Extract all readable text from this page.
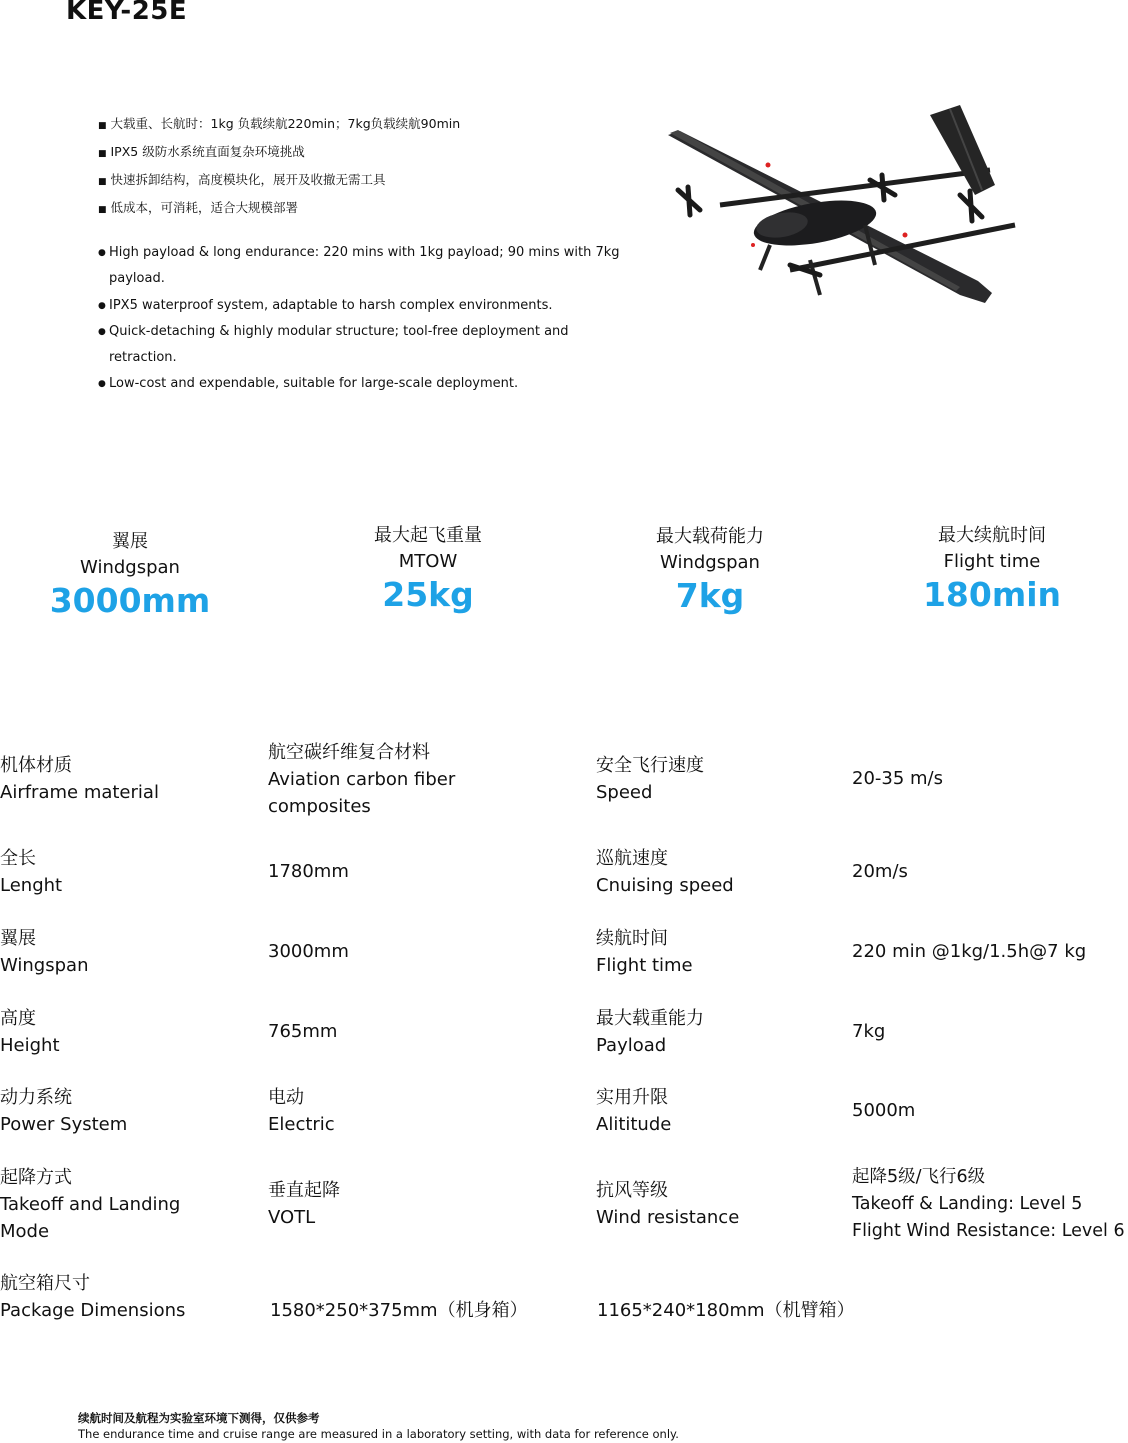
KEY-25E
■ 大载重、长航时：1kg 负载续航220min；7kg负载续航90min
■ IPX5 级防水系统直面复杂环境挑战
■ 快速拆卸结构，高度模块化，展开及收撤无需工具
■ 低成本，可消耗，适合大规模部署
● High payload & long endurance: 220 mins with 1kg payload; 90 mins with 7kg payload.
● IPX5 waterproof system, adaptable to harsh complex environments.
● Quick-detaching & highly modular structure; tool-free deployment and retraction.
● Low-cost and expendable, suitable for large-scale deployment.
翼展
Windgspan
3000mm
最大起飞重量
MTOW
25kg
最大载荷能力
Windgspan
7kg
最大续航时间
Flight time
180min
机体材质
Airframe material
航空碳纤维复合材料
Aviation carbon fiber
composites
安全飞行速度
Speed
20-35 m/s
全长
Lenght
1780mm
巡航速度
Cnuising speed
20m/s
翼展
Wingspan
3000mm
续航时间
Flight time
220 min @1kg/1.5h@7 kg
高度
Height
765mm
最大载重能力
Payload
7kg
动力系统
Power System
电动
Electric
实用升限
Alititude
5000m
起降方式
Takeoff and Landing
Mode
垂直起降
VOTL
抗风等级
Wind resistance
起降5级/飞行6级
Takeoff & Landing: Level 5
Flight Wind Resistance: Level 6
航空箱尺寸
Package Dimensions	1580*250*375mm（机身箱）	1165*240*180mm（机臂箱）
续航时间及航程为实验室环境下测得，仅供参考
The endurance time and cruise range are measured in a laboratory setting, with data for reference only.
